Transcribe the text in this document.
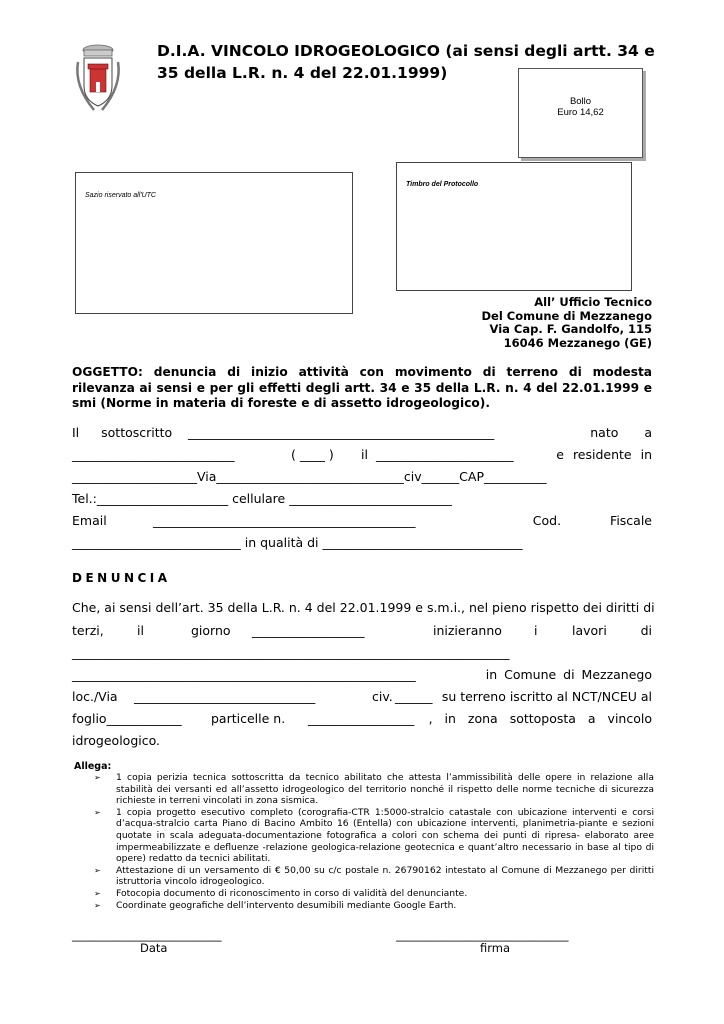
D.I.A. VINCOLO IDROGEOLOGICO (ai sensi degli artt. 34 e 35 della L.R. n. 4 del 22.01.1999)
Bollo
Euro 14,62
Sazio riservato all'UTC
Timbro del Protocollo
All’ Ufficio Tecnico
Del Comune di Mezzanego
Via Cap. F. Gandolfo, 115
16046 Mezzanego (GE)
OGGETTO: denuncia di inizio attività con movimento di terreno di modesta rilevanza ai sensi e per gli effetti degli artt. 34 e 35 della L.R. n. 4 del 22.01.1999 e smi (Norme in materia di foreste e di assetto idrogeologico).
Il sottoscritto _________________________________________________	nato a
__________________________	( ____ ) il ______________________	e residente in
____________________Via______________________________civ______CAP__________
Tel.:_____________________ cellulare __________________________
Email	__________________________________________	Cod. Fiscale
___________________________ in qualità di ________________________________
DENUNCIA
Che, ai sensi dell’art. 35 della L.R. n. 4 del 22.01.1999 e s.m.i., nel pieno rispetto dei diritti di
terzi,	il	giorno __________________	inizieranno	i	lavori	di
______________________________________________________________________
_______________________________________________________	in Comune di Mezzanego
loc./Via _____________________________	civ. ______ su terreno iscritto al NCT/NCEU al
foglio____________ particelle n. _________________ , in zona sottoposta a vincolo
idrogeologico.
Allega:
➢ 1 copia perizia tecnica sottoscritta da tecnico abilitato che attesta l’ammissibilità delle opere in relazione alla stabilità dei versanti ed all’assetto idrogeologico del territorio nonché il rispetto delle norme tecniche di sicurezza richieste in terreni vincolati in zona sismica.
➢ 1 copia progetto esecutivo completo (corografia-CTR 1:5000-stralcio catastale con ubicazione interventi e corsi d’acqua-stralcio carta Piano di Bacino Ambito 16 (Entella) con ubicazione interventi, planimetria-piante e sezioni quotate in scala adeguata-documentazione fotografica a colori con schema dei punti di ripresa- elaborato aree impermeabilizzate e defluenze -relazione geologica-relazione geotecnica e quant’altro necessario in base al tipo di opere) redatto da tecnici abilitati.
➢ Attestazione di un versamento di € 50,00 su c/c postale n. 26790162 intestato al Comune di Mezzanego per diritti istruttoria vincolo idrogeologico.
➢ Fotocopia documento di riconoscimento in corso di validità del denunciante.
➢ Coordinate geografiche dell’intervento desumibili mediante Google Earth.
__________________________
Data
______________________________
firma
